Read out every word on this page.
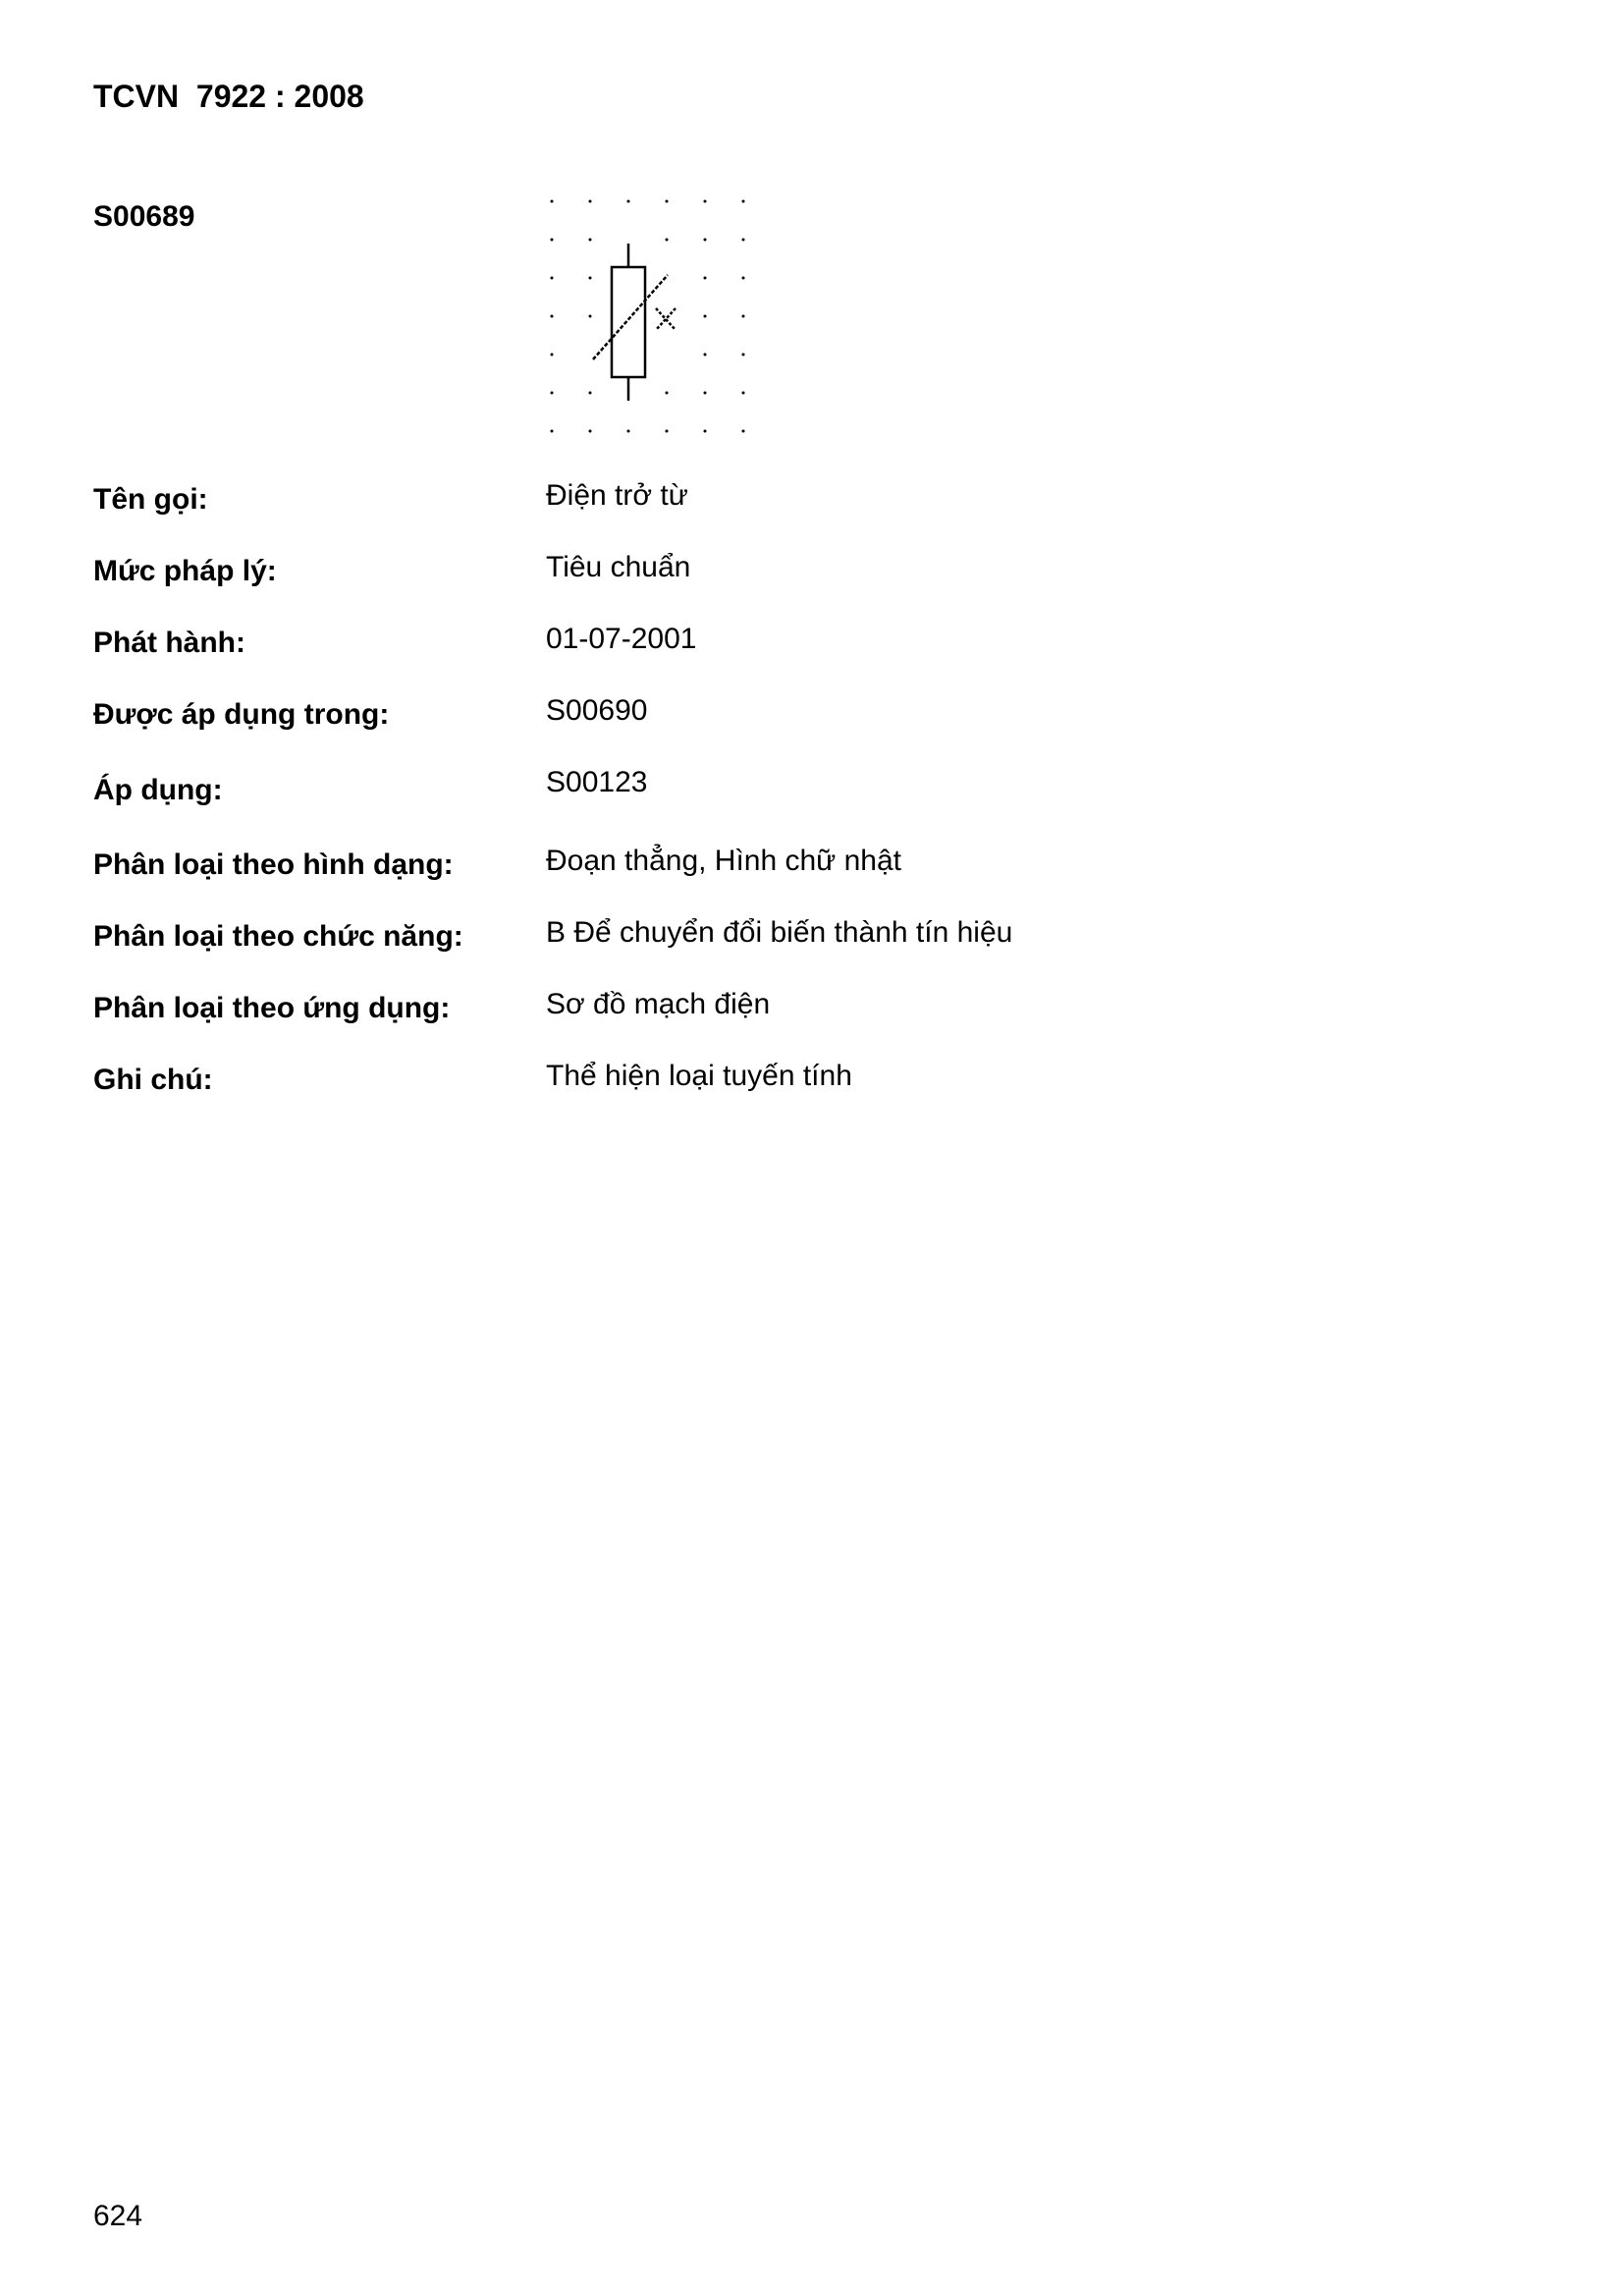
TCVN  7922 : 2008
S00689
Tên gọi:	Điện trở từ
Mức pháp lý:	Tiêu chuẩn
Phát hành:	01-07-2001
Được áp dụng trong:	S00690
Áp dụng:	S00123
Phân loại theo hình dạng:	Đoạn thẳng, Hình chữ nhật
Phân loại theo chức năng:	B Để chuyển đổi biến thành tín hiệu
Phân loại theo ứng dụng:	Sơ đồ mạch điện
Ghi chú:	Thể hiện loại tuyến tính
624
